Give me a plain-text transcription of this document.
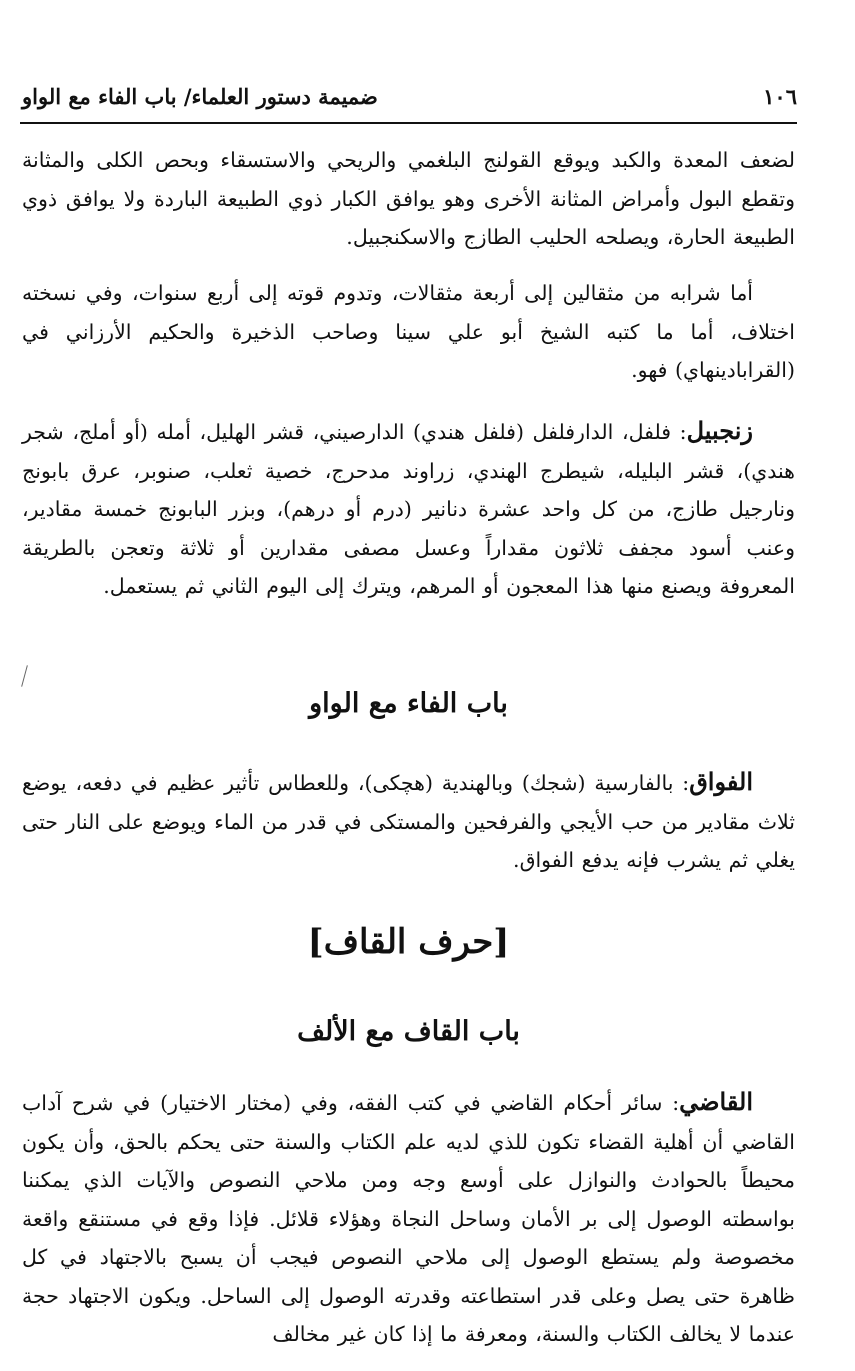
١٠٦
ضميمة دستور العلماء/ باب الفاء مع الواو

لضعف المعدة والكبد ويوقع القولنج البلغمي والريحي والاستسقاء وبحص الكلى والمثانة وتقطع البول وأمراض المثانة الأخرى وهو يوافق الكبار ذوي الطبيعة الباردة ولا يوافق ذوي الطبيعة الحارة، ويصلحه الحليب الطازج والاسكنجبيل.

أما شرابه من مثقالين إلى أربعة مثقالات، وتدوم قوته إلى أربع سنوات، وفي نسخته اختلاف، أما ما كتبه الشيخ أبو علي سينا وصاحب الذخيرة والحكيم الأرزاني في (القرابادينهاي) فهو.

زنجبيل: فلفل، الدارفلفل (فلفل هندي) الدارصيني، قشر الهليل، أمله (أو أملج، شجر هندي)، قشر البليله، شيطرج الهندي، زراوند مدحرج، خصية ثعلب، صنوبر، عرق بابونج ونارجيل طازج، من كل واحد عشرة دنانير (درم أو درهم)، وبزر البابونج خمسة مقادير، وعنب أسود مجفف ثلاثون مقداراً وعسل مصفى مقدارين أو ثلاثة وتعجن بالطريقة المعروفة ويصنع منها هذا المعجون أو المرهم، ويترك إلى اليوم الثاني ثم يستعمل.

باب الفاء مع الواو

الفواق: بالفارسية (شجك) وبالهندية (هچكى)، وللعطاس تأثير عظيم في دفعه، يوضع ثلاث مقادير من حب الأيجي والفرفحين والمستكى في قدر من الماء ويوضع على النار حتى يغلي ثم يشرب فإنه يدفع الفواق.

[حرف القاف]
باب القاف مع الألف

القاضي: سائر أحكام القاضي في كتب الفقه، وفي (مختار الاختيار) في شرح آداب القاضي أن أهلية القضاء تكون للذي لديه علم الكتاب والسنة حتى يحكم بالحق، وأن يكون محيطاً بالحوادث والنوازل على أوسع وجه ومن ملاحي النصوص والآيات الذي يمكننا بواسطته الوصول إلى بر الأمان وساحل النجاة وهؤلاء قلائل. فإذا وقع في مستنقع واقعة مخصوصة ولم يستطع الوصول إلى ملاحي النصوص فيجب أن يسبح بالاجتهاد في كل ظاهرة حتى يصل وعلى قدر استطاعته وقدرته الوصول إلى الساحل. ويكون الاجتهاد حجة عندما لا يخالف الكتاب والسنة، ومعرفة ما إذا كان غير مخالف
